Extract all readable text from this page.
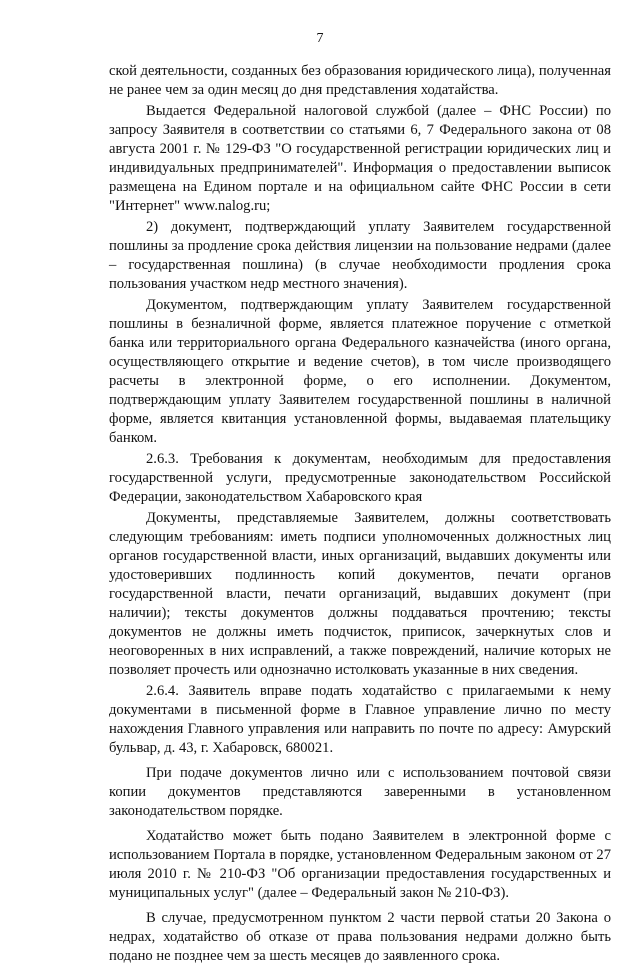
7

ской деятельности, созданных без образования юридического лица), полученная не ранее чем за один месяц до дня представления ходатайства.

Выдается Федеральной налоговой службой (далее – ФНС России) по запросу Заявителя в соответствии со статьями 6, 7 Федерального закона от 08 августа 2001 г. № 129-ФЗ "О государственной регистрации юридических лиц и индивидуальных предпринимателей". Информация о предоставлении выписок размещена на Едином портале и на официальном сайте ФНС России в сети "Интернет" www.nalog.ru;

2) документ, подтверждающий уплату Заявителем государственной пошлины за продление срока действия лицензии на пользование недрами (далее – государственная пошлина) (в случае необходимости продления срока пользования участком недр местного значения).

Документом, подтверждающим уплату Заявителем государственной пошлины в безналичной форме, является платежное поручение с отметкой банка или территориального органа Федерального казначейства (иного органа, осуществляющего открытие и ведение счетов), в том числе производящего расчеты в электронной форме, о его исполнении. Документом, подтверждающим уплату Заявителем государственной пошлины в наличной форме, является квитанция установленной формы, выдаваемая плательщику банком.

2.6.3. Требования к документам, необходимым для предоставления государственной услуги, предусмотренные законодательством Российской Федерации, законодательством Хабаровского края

Документы, представляемые Заявителем, должны соответствовать следующим требованиям: иметь подписи уполномоченных должностных лиц органов государственной власти, иных организаций, выдавших документы или удостоверивших подлинность копий документов, печати органов государственной власти, печати организаций, выдавших документ (при наличии); тексты документов должны поддаваться прочтению; тексты документов не должны иметь подчисток, приписок, зачеркнутых слов и неоговоренных в них исправлений, а также повреждений, наличие которых не позволяет прочесть или однозначно истолковать указанные в них сведения.

2.6.4. Заявитель вправе подать ходатайство с прилагаемыми к нему документами в письменной форме в Главное управление лично по месту нахождения Главного управления или направить по почте по адресу: Амурский бульвар, д. 43, г. Хабаровск, 680021.

При подаче документов лично или с использованием почтовой связи копии документов представляются заверенными в установленном законодательством порядке.

Ходатайство может быть подано Заявителем в электронной форме с использованием Портала в порядке, установленном Федеральным законом от 27 июля 2010 г. № 210-ФЗ "Об организации предоставления государственных и муниципальных услуг" (далее – Федеральный закон № 210-ФЗ).

В случае, предусмотренном пунктом 2 части первой статьи 20 Закона о недрах, ходатайство об отказе от права пользования недрами должно быть подано не позднее чем за шесть месяцев до заявленного срока.
